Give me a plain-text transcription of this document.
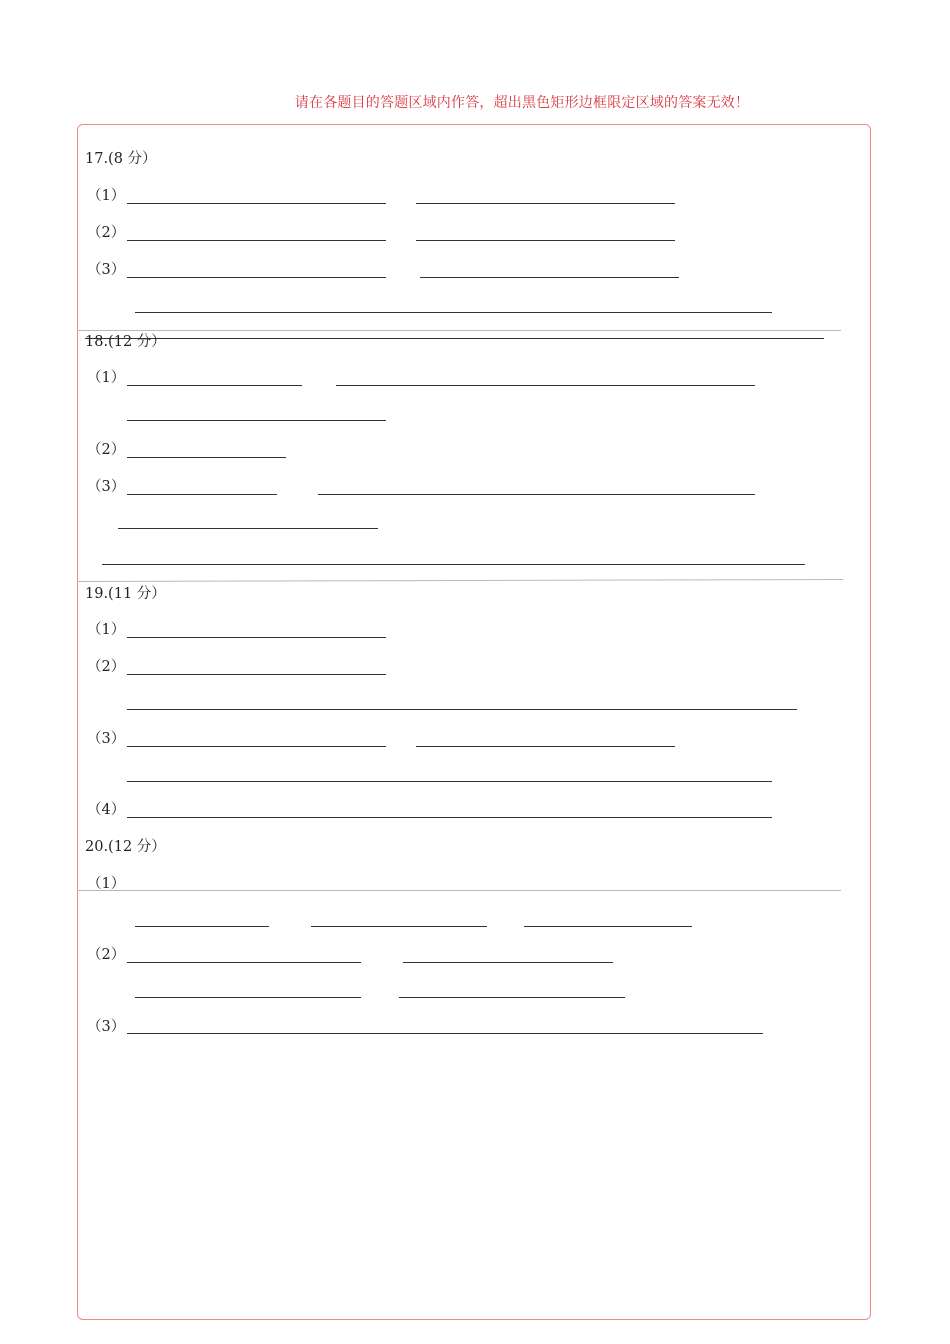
请在各题目的答题区域内作答，超出黑色矩形边框限定区域的答案无效！
17.(8 分）
（1）
（2）
（3）
18.(12 分）
（1）
（2）
（3）
19.(11 分）
（1）
（2）
（3）
（4）
20.(12 分）
（1）
（2）
（3）
